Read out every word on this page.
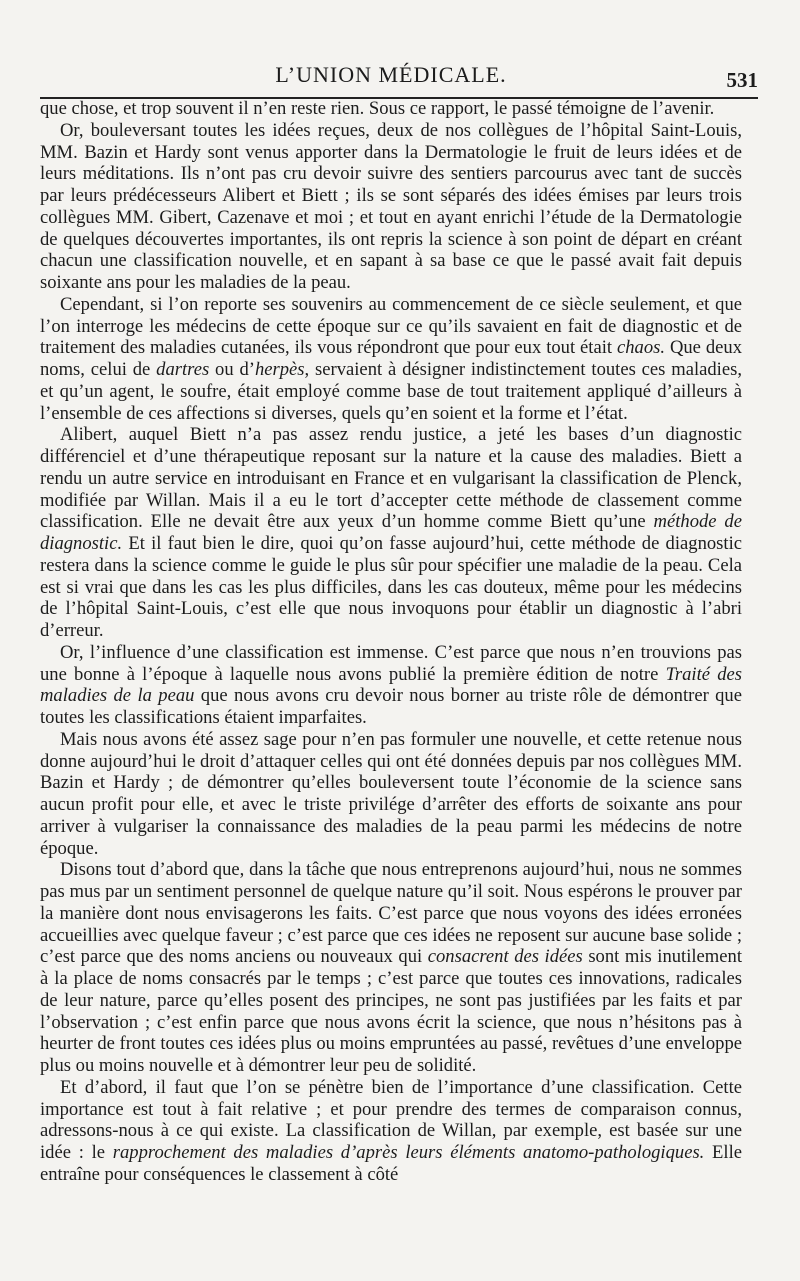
L’UNION MÉDICALE.	531

que chose, et trop souvent il n’en reste rien. Sous ce rapport, le passé témoigne de l’avenir.

Or, bouleversant toutes les idées reçues, deux de nos collègues de l’hôpital Saint-Louis, MM. Bazin et Hardy sont venus apporter dans la Dermatologie le fruit de leurs idées et de leurs méditations. Ils n’ont pas cru devoir suivre des sentiers parcourus avec tant de succès par leurs prédécesseurs Alibert et Biett ; ils se sont séparés des idées émises par leurs trois collègues MM. Gibert, Cazenave et moi ; et tout en ayant enrichi l’étude de la Dermatologie de quelques découvertes importantes, ils ont repris la science à son point de départ en créant chacun une classification nouvelle, et en sapant à sa base ce que le passé avait fait depuis soixante ans pour les maladies de la peau.

Cependant, si l’on reporte ses souvenirs au commencement de ce siècle seulement, et que l’on interroge les médecins de cette époque sur ce qu’ils savaient en fait de diagnostic et de traitement des maladies cutanées, ils vous répondront que pour eux tout était chaos. Que deux noms, celui de dartres ou d’herpès, servaient à désigner indistinctement toutes ces maladies, et qu’un agent, le soufre, était employé comme base de tout traitement appliqué d’ailleurs à l’ensemble de ces affections si diverses, quels qu’en soient et la forme et l’état.

Alibert, auquel Biett n’a pas assez rendu justice, a jeté les bases d’un diagnostic différenciel et d’une thérapeutique reposant sur la nature et la cause des maladies. Biett a rendu un autre service en introduisant en France et en vulgarisant la classification de Plenck, modifiée par Willan. Mais il a eu le tort d’accepter cette méthode de classement comme classification. Elle ne devait être aux yeux d’un homme comme Biett qu’une méthode de diagnostic. Et il faut bien le dire, quoi qu’on fasse aujourd’hui, cette méthode de diagnostic restera dans la science comme le guide le plus sûr pour spécifier une maladie de la peau. Cela est si vrai que dans les cas les plus difficiles, dans les cas douteux, même pour les médecins de l’hôpital Saint-Louis, c’est elle que nous invoquons pour établir un diagnostic à l’abri d’erreur.

Or, l’influence d’une classification est immense. C’est parce que nous n’en trouvions pas une bonne à l’époque à laquelle nous avons publié la première édition de notre Traité des maladies de la peau que nous avons cru devoir nous borner au triste rôle de démontrer que toutes les classifications étaient imparfaites.

Mais nous avons été assez sage pour n’en pas formuler une nouvelle, et cette retenue nous donne aujourd’hui le droit d’attaquer celles qui ont été données depuis par nos collègues MM. Bazin et Hardy ; de démontrer qu’elles bouleversent toute l’économie de la science sans aucun profit pour elle, et avec le triste privilége d’arrêter des efforts de soixante ans pour arriver à vulgariser la connaissance des maladies de la peau parmi les médecins de notre époque.

Disons tout d’abord que, dans la tâche que nous entreprenons aujourd’hui, nous ne sommes pas mus par un sentiment personnel de quelque nature qu’il soit. Nous espérons le prouver par la manière dont nous envisagerons les faits. C’est parce que nous voyons des idées erronées accueillies avec quelque faveur ; c’est parce que ces idées ne reposent sur aucune base solide ; c’est parce que des noms anciens ou nouveaux qui consacrent des idées sont mis inutilement à la place de noms consacrés par le temps ; c’est parce que toutes ces innovations, radicales de leur nature, parce qu’elles posent des principes, ne sont pas justifiées par les faits et par l’observation ; c’est enfin parce que nous avons écrit la science, que nous n’hésitons pas à heurter de front toutes ces idées plus ou moins empruntées au passé, revêtues d’une enveloppe plus ou moins nouvelle et à démontrer leur peu de solidité.

Et d’abord, il faut que l’on se pénètre bien de l’importance d’une classification. Cette importance est tout à fait relative ; et pour prendre des termes de comparaison connus, adressons-nous à ce qui existe. La classification de Willan, par exemple, est basée sur une idée : le rapprochement des maladies d’après leurs éléments anatomo-pathologiques. Elle entraîne pour conséquences le classement à côté
